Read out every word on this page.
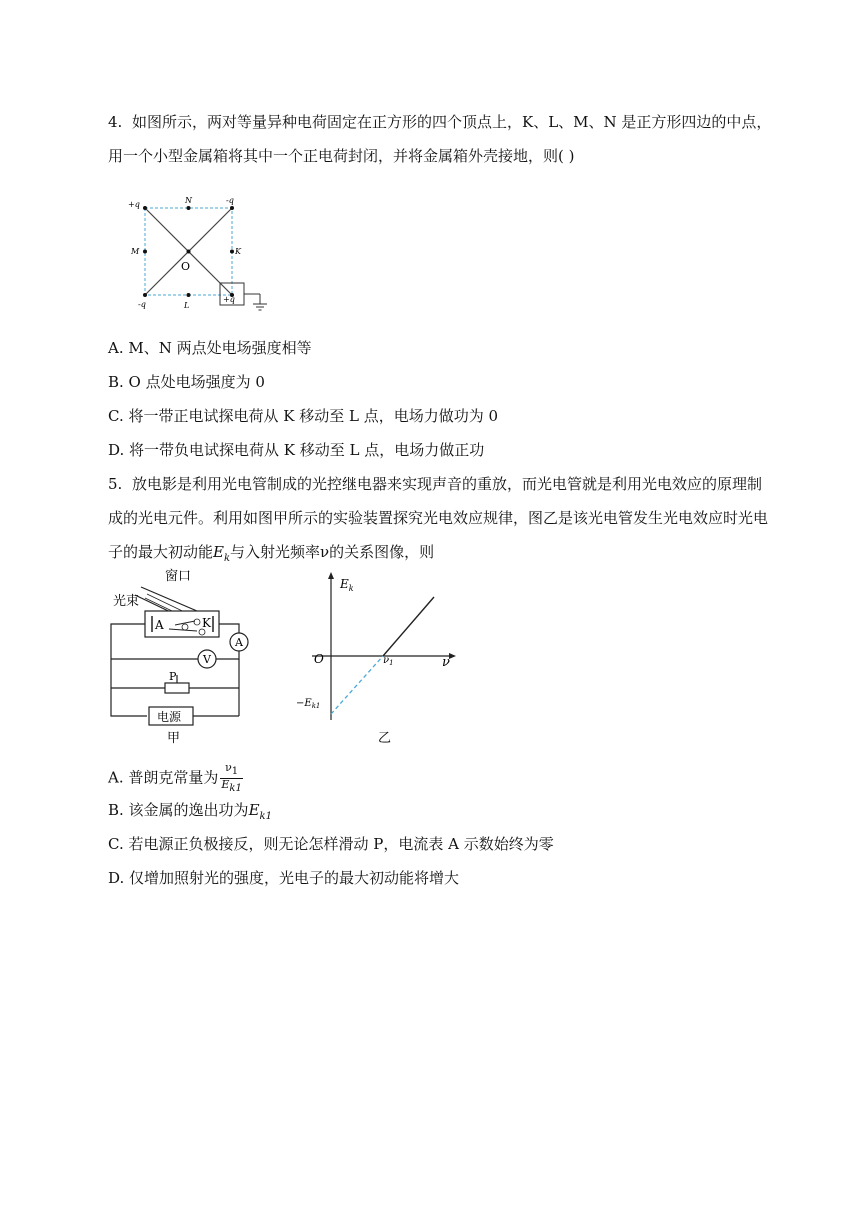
4. 如图所示，两对等量异种电荷固定在正方形的四个顶点上，K、L、M、N 是正方形四边的中点，
用一个小型金属箱将其中一个正电荷封闭，并将金属箱外壳接地，则( )
+q	-q
-q
+q
N
M	K
L
O
A. M、N 两点处电场强度相等
B. O 点处电场强度为 0
C. 将一带正电试探电荷从 K 移动至 L 点，电场力做功为 0
D. 将一带负电试探电荷从 K 移动至 L 点，电场力做正功
5. 放电影是利用光电管制成的光控继电器来实现声音的重放，而光电管就是利用光电效应的原理制
成的光电元件。利用如图甲所示的实验装置探究光电效应规律，图乙是该光电管发生光电效应时光电
子的最大初动能$E_k$与入射光频率ν的关系图像，则
A	K
窗口
光束
A
V
P
电源
甲
$E_k$
O	ν
$\nu_1$
$-E_{k1}$
乙
A. 普朗克常量为 $\frac{\nu_1}{E_{k1}}$
B. 该金属的逸出功为$E_{k1}$
C. 若电源正负极接反，则无论怎样滑动 P，电流表 A 示数始终为零
D. 仅增加照射光的强度，光电子的最大初动能将增大
